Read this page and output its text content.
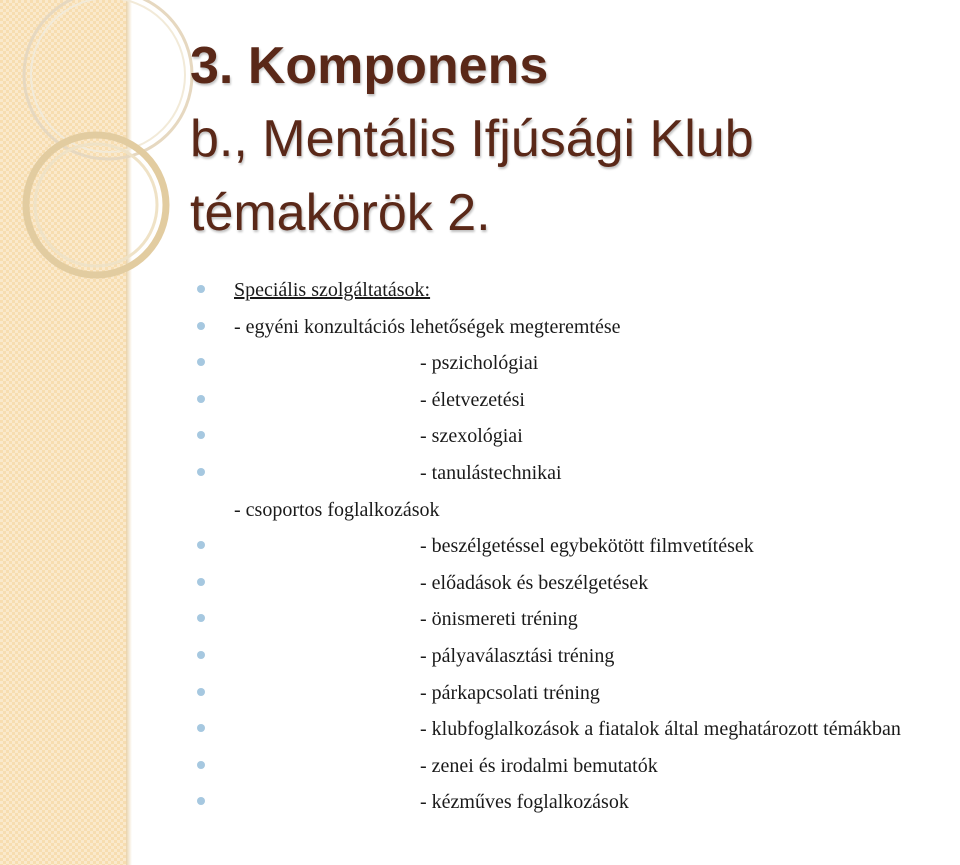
3. Komponens

b., Mentális Ifjúsági Klub

témakörök 2.

Speciális szolgáltatások:
- egyéni konzultációs lehetőségek megteremtése
- pszichológiai
- életvezetési
- szexológiai
- tanulástechnikai
- csoportos foglalkozások
- beszélgetéssel egybekötött filmvetítések
- előadások és beszélgetések
- önismereti tréning
- pályaválasztási tréning
- párkapcsolati tréning
- klubfoglalkozások a fiatalok által meghatározott témákban
- zenei és irodalmi bemutatók
- kézműves foglalkozások
